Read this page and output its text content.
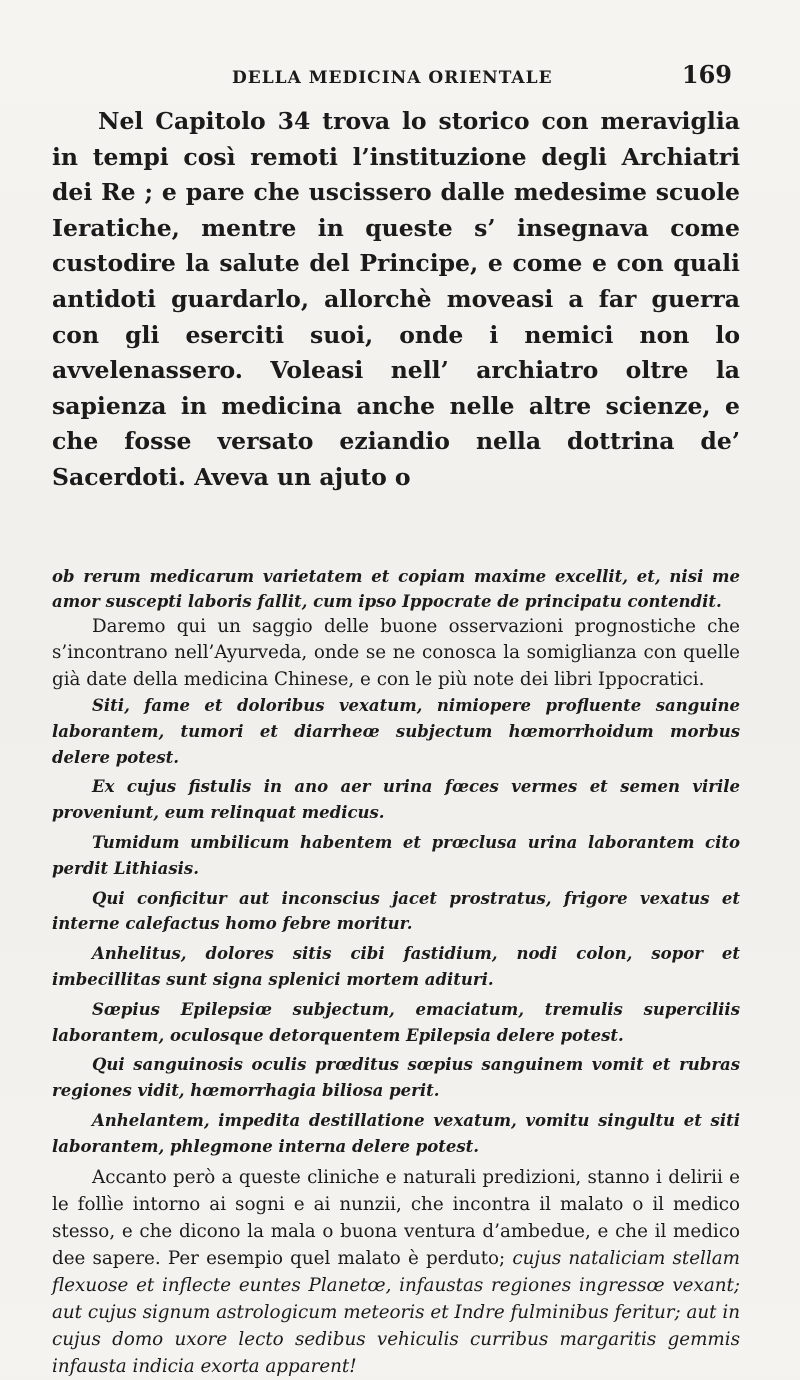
DELLA MEDICINA ORIENTALE	169

Nel Capitolo 34 trova lo storico con meraviglia in tempi così remoti l’instituzione degli Archiatri dei Re ; e pare che uscissero dalle medesime scuole Ieratiche, mentre in queste s’ insegnava come custodire la salute del Principe, e come e con quali antidoti guardarlo, allorchè moveasi a far guerra con gli eserciti suoi, onde i nemici non lo avvelenassero. Voleasi nell’ archiatro oltre la sapienza in medicina anche nelle altre scienze, e che fosse versato eziandio nella dottrina de’ Sacerdoti. Aveva un ajuto o

ob rerum medicarum varietatem et copiam maxime excellit, et, nisi me amor suscepti laboris fallit, cum ipso Ippocrate de principatu contendit.

Daremo qui un saggio delle buone osservazioni prognostiche che s’incontrano nell’Ayurveda, onde se ne conosca la somiglianza con quelle già date della medicina Chinese, e con le più note dei libri Ippocratici.

Siti, fame et doloribus vexatum, nimiopere profluente sanguine laborantem, tumori et diarrheœ subjectum hœmorrhoidum morbus delere potest.

Ex cujus fistulis in ano aer urina fœces vermes et semen virile proveniunt, eum relinquat medicus.

Tumidum umbilicum habentem et prœclusa urina laborantem cito perdit Lithiasis.

Qui conficitur aut inconscius jacet prostratus, frigore vexatus et interne calefactus homo febre moritur.

Anhelitus, dolores sitis cibi fastidium, nodi colon, sopor et imbecillitas sunt signa splenici mortem adituri.

Sœpius Epilepsiœ subjectum, emaciatum, tremulis superciliis laborantem, oculosque detorquentem Epilepsia delere potest.

Qui sanguinosis oculis prœditus sœpius sanguinem vomit et rubras regiones vidit, hœmorrhagia biliosa perit.

Anhelantem, impedita destillatione vexatum, vomitu singultu et siti laborantem, phlegmone interna delere potest.

Accanto però a queste cliniche e naturali predizioni, stanno i delirii e le follìe intorno ai sogni e ai nunzii, che incontra il malato o il medico stesso, e che dicono la mala o buona ventura d’ambedue, e che il medico dee sapere. Per esempio quel malato è perduto; cujus nataliciam stellam flexuose et inflecte euntes Planetœ, infaustas regiones ingressœ vexant; aut cujus signum astrologicum meteoris et Indre fulminibus feritur; aut in cujus domo uxore lecto sedibus vehiculis curribus margaritis gemmis infausta indicia exorta apparent!
